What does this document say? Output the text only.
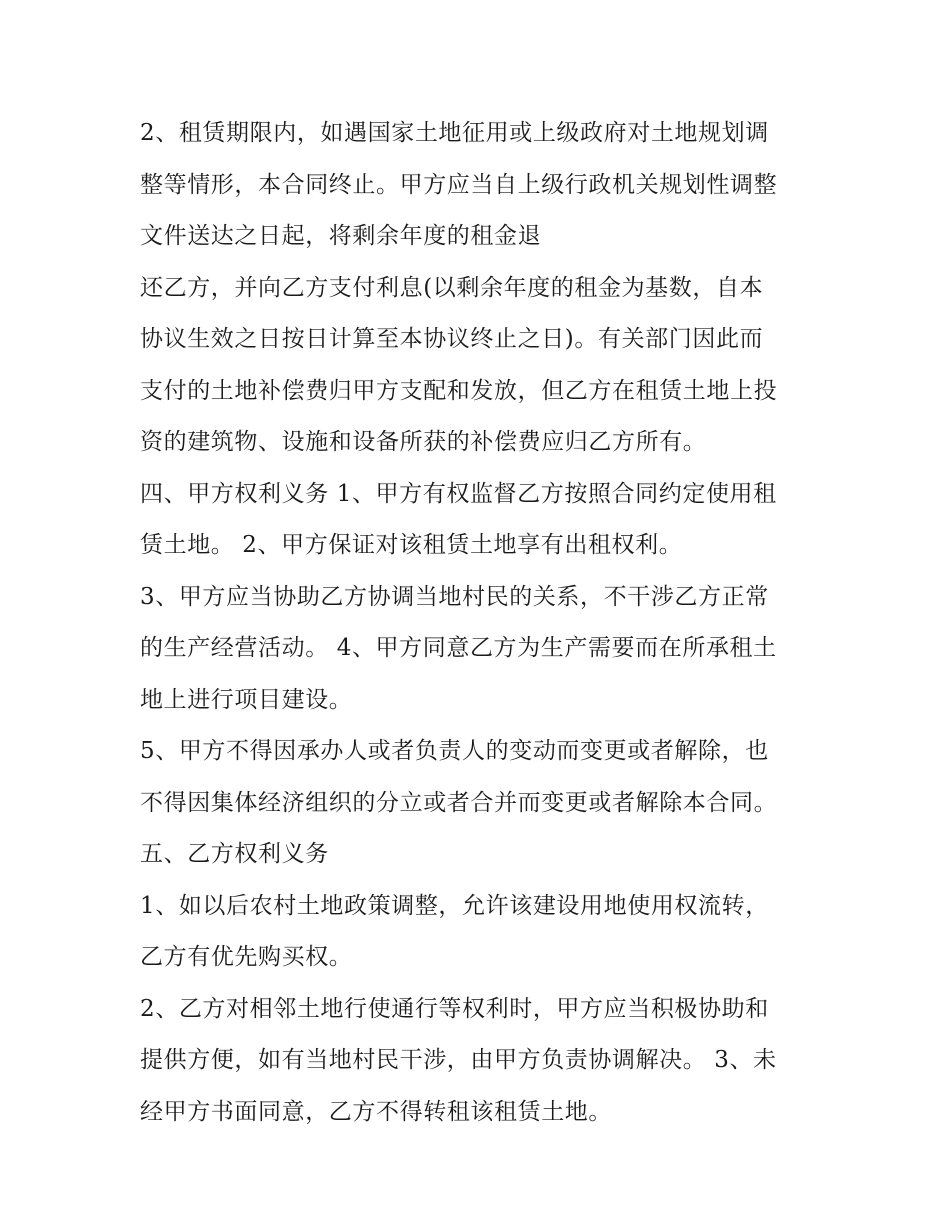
2、租赁期限内，如遇国家土地征用或上级政府对土地规划调
整等情形，本合同终止。甲方应当自上级行政机关规划性调整
文件送达之日起，将剩余年度的租金退
还乙方，并向乙方支付利息(以剩余年度的租金为基数，自本
协议生效之日按日计算至本协议终止之日)。有关部门因此而
支付的土地补偿费归甲方支配和发放，但乙方在租赁土地上投
资的建筑物、设施和设备所获的补偿费应归乙方所有。
四、甲方权利义务 1、甲方有权监督乙方按照合同约定使用租
赁土地。 2、甲方保证对该租赁土地享有出租权利。
3、甲方应当协助乙方协调当地村民的关系，不干涉乙方正常
的生产经营活动。 4、甲方同意乙方为生产需要而在所承租土
地上进行项目建设。
5、甲方不得因承办人或者负责人的变动而变更或者解除，也
不得因集体经济组织的分立或者合并而变更或者解除本合同。
五、乙方权利义务
1、如以后农村土地政策调整，允许该建设用地使用权流转，
乙方有优先购买权。
2、乙方对相邻土地行使通行等权利时，甲方应当积极协助和
提供方便，如有当地村民干涉，由甲方负责协调解决。 3、未
经甲方书面同意，乙方不得转租该租赁土地。
